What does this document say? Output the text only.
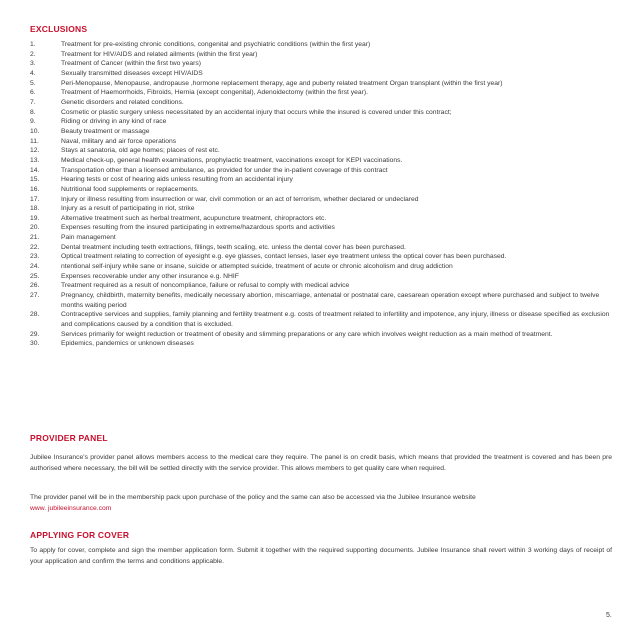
EXCLUSIONS
1.	Treatment for pre-existing chronic conditions, congenital and psychiatric conditions (within the first year)
2.	Treatment for HIV/AIDS and related ailments (within the first year)
3.	Treatment of Cancer (within the first two years)
4.	Sexually transmitted diseases except HIV/AIDS
5.	Peri-Menopause, Menopause, andropause ,hormone replacement therapy, age and puberty related treatment Organ transplant (within the first year)
6.	Treatment of Haemorrhoids, Fibroids, Hernia (except congenital), Adenoidectomy (within the first year).
7.	Genetic disorders and related conditions.
8.	Cosmetic or plastic surgery unless necessitated by an accidental injury that occurs while the insured is covered under this contract;
9.	Riding or driving in any kind of race
10.	Beauty treatment or massage
11.	Naval, military and air force operations
12.	Stays at sanatoria, old age homes; places of rest etc.
13.	Medical check-up, general health examinations, prophylactic treatment, vaccinations except for KEPI vaccinations.
14.	Transportation other than a licensed ambulance, as provided for under the in-patient coverage of this contract
15.	Hearing tests or cost of hearing aids unless resulting from an accidental injury
16.	Nutritional food supplements or replacements.
17.	Injury or illness resulting from insurrection or war, civil commotion or an act of terrorism, whether declared or undeclared
18.	Injury as a result of participating in riot, strike
19.	Alternative treatment such as herbal treatment, acupuncture treatment, chiropractors etc.
20.	Expenses resulting from the insured participating in extreme/hazardous sports and activities
21.	Pain management
22.	Dental treatment including teeth extractions, fillings, teeth scaling, etc. unless the dental cover has been purchased.
23.	Optical treatment relating to correction of eyesight e.g. eye glasses, contact lenses, laser eye treatment unless the optical cover has been purchased.
24.	ntentional self-injury while sane or insane, suicide or attempted suicide, treatment of acute or chronic alcoholism and drug addiction
25.	Expenses recoverable under any other insurance e.g. NHIF
26.	Treatment required as a result of noncompliance, failure or refusal to comply with medical advice
27.	Pregnancy, childbirth, maternity benefits, medically necessary abortion, miscarriage, antenatal or postnatal care, caesarean operation except where purchased and subject to twelve months waiting period
28.	Contraceptive services and supplies, family planning and fertility treatment e.g. costs of treatment related to infertility and impotence, any injury, illness or disease specified as exclusion and complications caused by a condition that is excluded.
29.	Services primarily for weight reduction or treatment of obesity and slimming preparations or any care which involves weight reduction as a main method of treatment.
30.	Epidemics, pandemics or unknown diseases
PROVIDER PANEL

Jubilee Insurance's provider panel allows members access to the medical care they require. The panel is on credit basis, which means that provided the treatment is covered and has been pre authorised where necessary, the bill will be settled directly with the service provider. This allows members to get quality care when required.

The provider panel will be in the membership pack upon purchase of the policy and the same can also be accessed via the Jubilee Insurance website
www. jubileeinsurance.com

APPLYING FOR COVER

To apply for cover, complete and sign the member application form. Submit it together with the required supporting documents. Jubilee Insurance shall revert within 3 working days of receipt of your application and confirm the terms and conditions applicable.

5.
